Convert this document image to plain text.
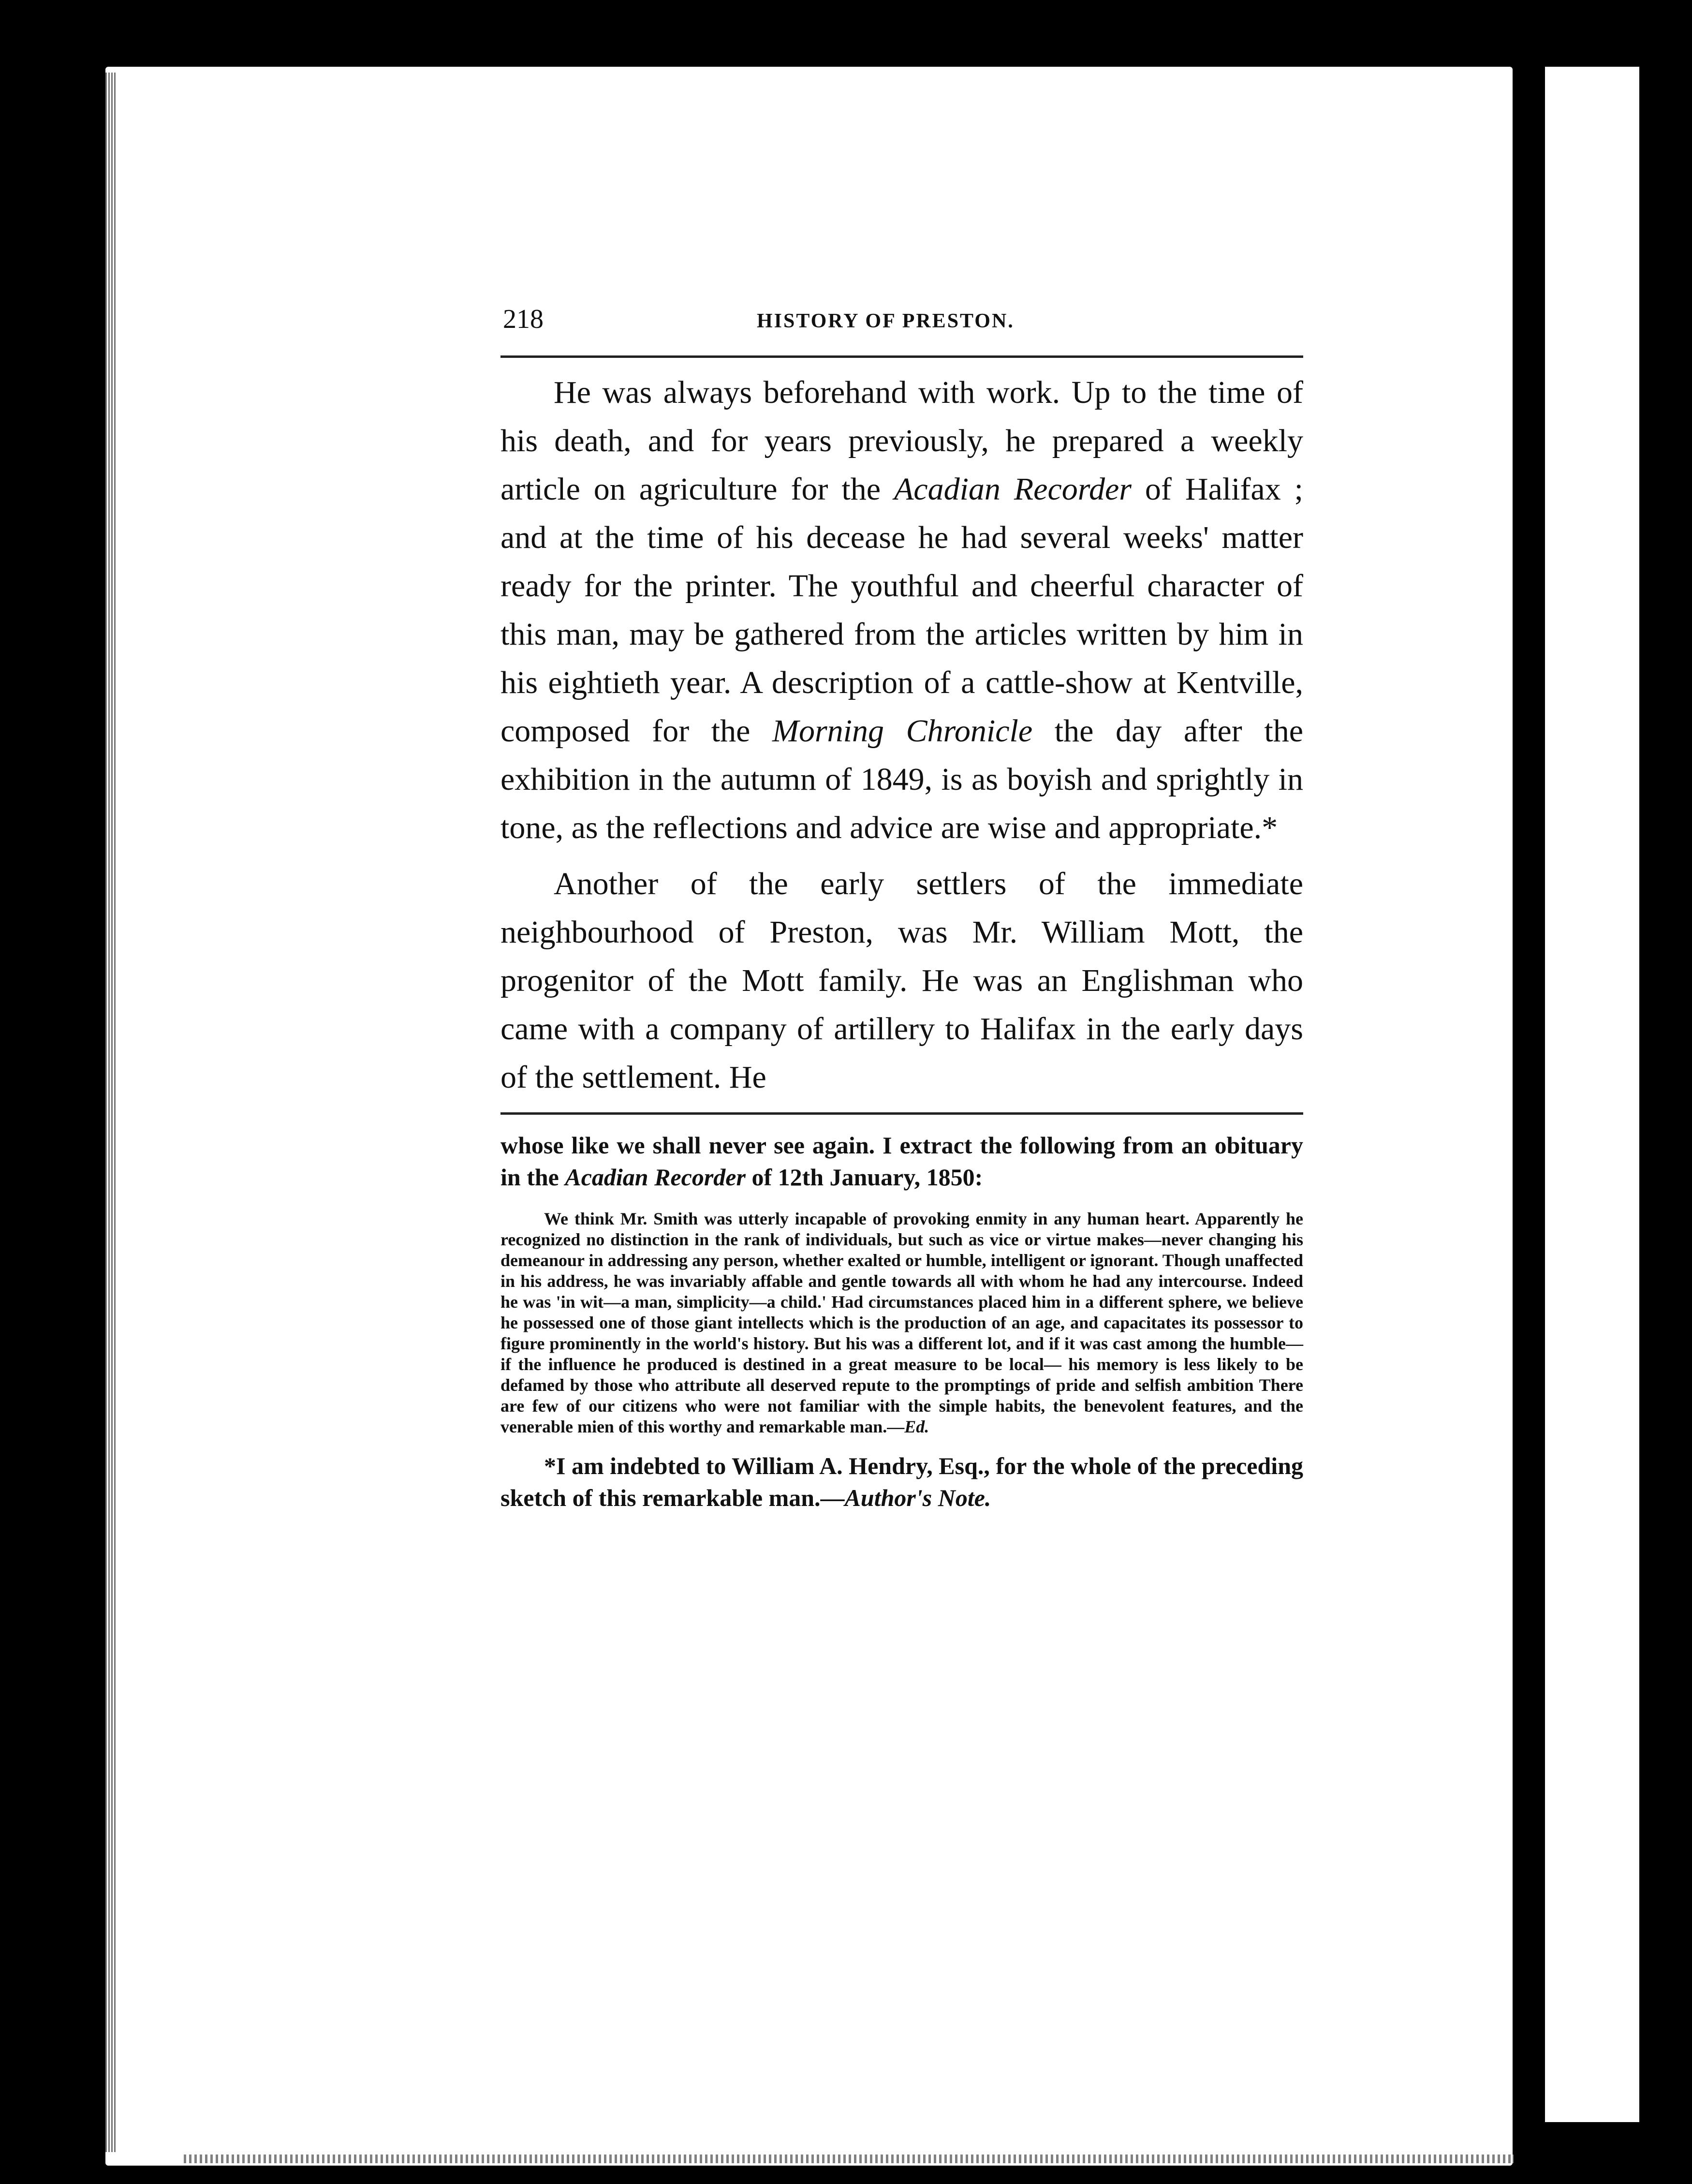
218	HISTORY OF PRESTON.

He was always beforehand with work. Up to the time of his death, and for years previously, he prepared a weekly article on agriculture for the Acadian Recorder of Halifax ; and at the time of his decease he had several weeks' matter ready for the printer. The youthful and cheerful character of this man, may be gathered from the articles written by him in his eightieth year. A description of a cattle-show at Kentville, composed for the Morning Chronicle the day after the exhibition in the autumn of 1849, is as boyish and sprightly in tone, as the reflections and advice are wise and appropriate.*

Another of the early settlers of the immediate neighbourhood of Preston, was Mr. William Mott, the progenitor of the Mott family. He was an Englishman who came with a company of artillery to Halifax in the early days of the settlement. He

whose like we shall never see again. I extract the following from an obituary in the Acadian Recorder of 12th January, 1850:

We think Mr. Smith was utterly incapable of provoking enmity in any human heart. Apparently he recognized no distinction in the rank of individuals, but such as vice or virtue makes—never changing his demeanour in addressing any person, whether exalted or humble, intelligent or ignorant. Though unaffected in his address, he was invariably affable and gentle towards all with whom he had any intercourse. Indeed he was 'in wit—a man, simplicity—a child.' Had circumstances placed him in a different sphere, we believe he possessed one of those giant intellects which is the production of an age, and capacitates its possessor to figure prominently in the world's history. But his was a different lot, and if it was cast among the humble—if the influence he produced is destined in a great measure to be local— his memory is less likely to be defamed by those who attribute all deserved repute to the promptings of pride and selfish ambition There are few of our citizens who were not familiar with the simple habits, the benevolent features, and the venerable mien of this worthy and remarkable man.—Ed.

*I am indebted to William A. Hendry, Esq., for the whole of the preceding sketch of this remarkable man.—Author's Note.
